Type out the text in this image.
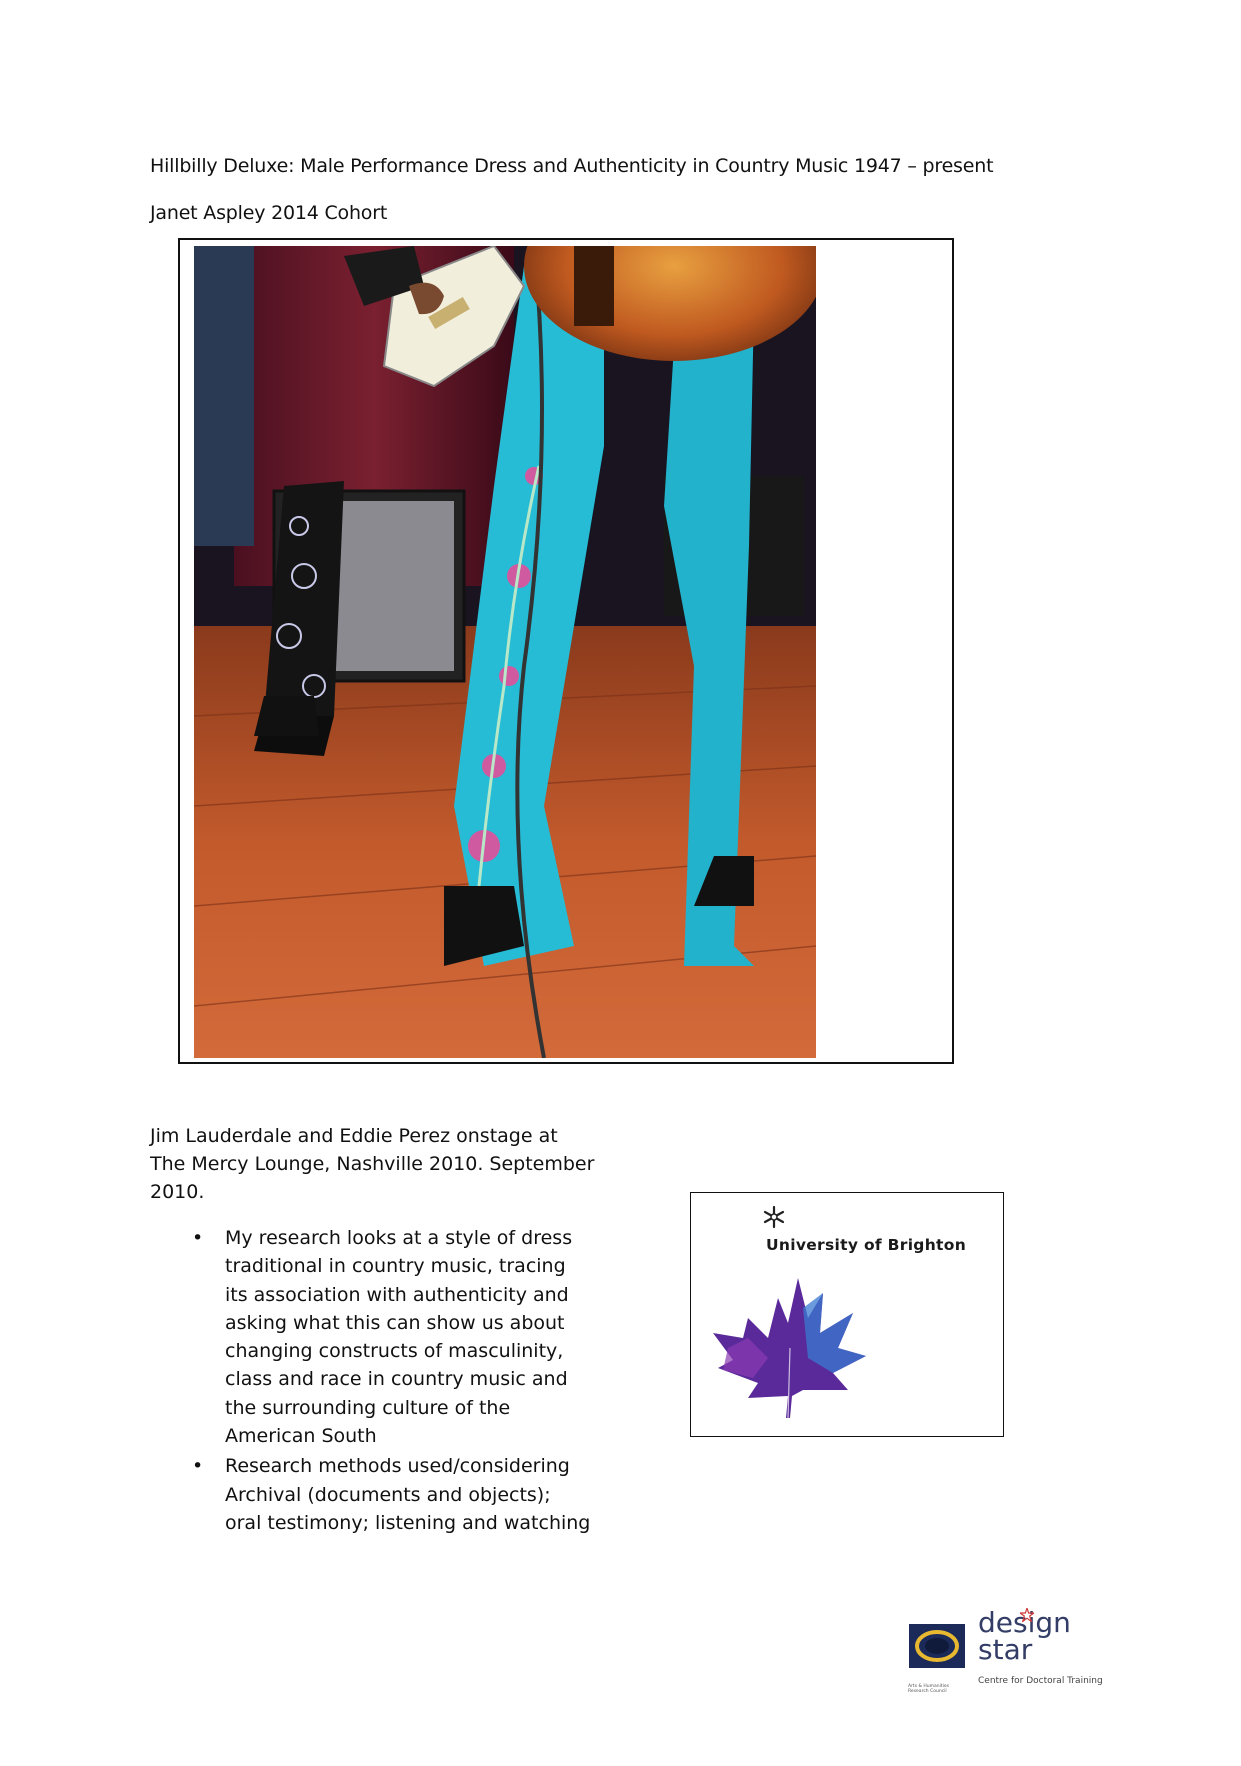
Hillbilly Deluxe: Male Performance Dress and Authenticity in Country Music 1947 – present
Janet Aspley 2014 Cohort
Jim Lauderdale and Eddie Perez onstage at
The Mercy Lounge, Nashville 2010. September
2010.
• My research looks at a style of dress
traditional in country music, tracing
its association with authenticity and
asking what this can show us about
changing constructs of masculinity,
class and race in country music and
the surrounding culture of the
American South
• Research methods used/considering
Archival (documents and objects);
oral testimony; listening and watching
University of Brighton
Arts & Humanities
Research Council
design
star
Centre for Doctoral Training
